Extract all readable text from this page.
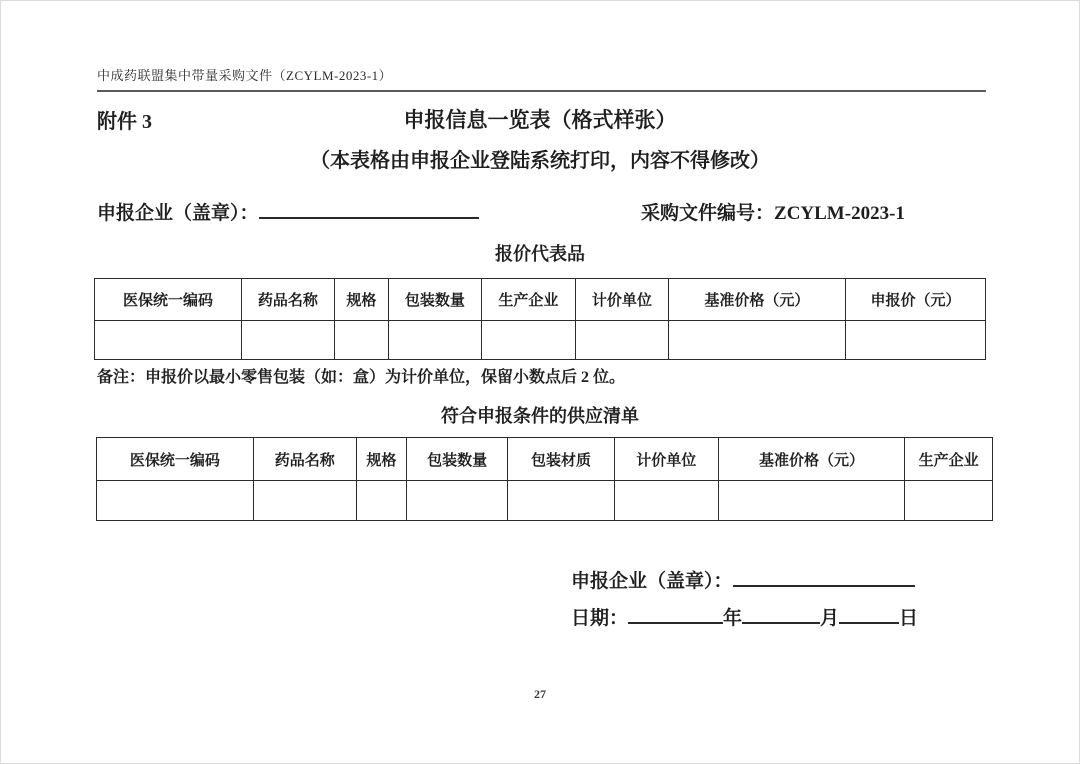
中成药联盟集中带量采购文件（ZCYLM-2023-1）
附件 3	申报信息一览表（格式样张）
（本表格由申报企业登陆系统打印，内容不得修改）
申报企业（盖章）：	采购文件编号：ZCYLM-2023-1
报价代表品
医保统一编码	药品名称	规格	包装数量	生产企业	计价单位	基准价格（元）	申报价（元）

备注：申报价以最小零售包装（如：盒）为计价单位，保留小数点后 2 位。
符合申报条件的供应清单
医保统一编码	药品名称	规格	包装数量	包装材质	计价单位	基准价格（元）	生产企业

申报企业（盖章）：
日期：	年	月	日
27
